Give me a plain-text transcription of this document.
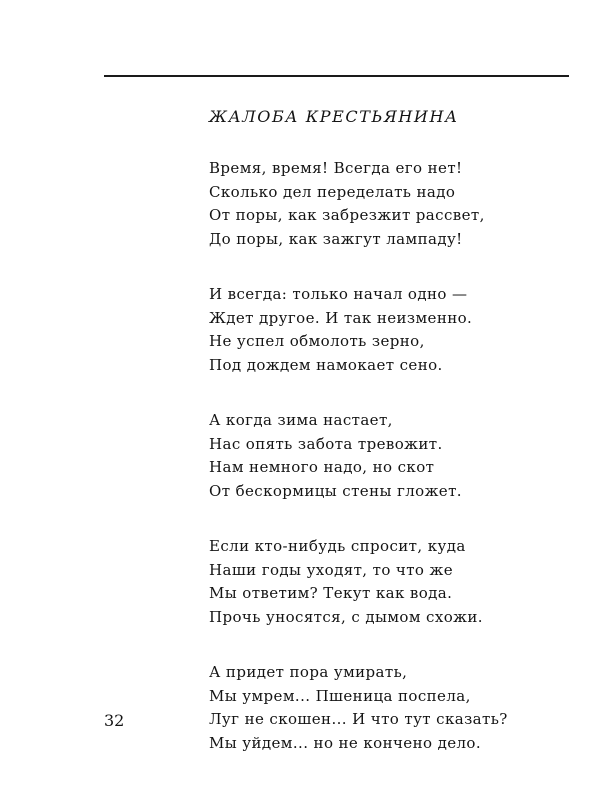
ЖАЛОБА КРЕСТЬЯНИНА
Время, время! Всегда его нет!
Сколько дел переделать надо
От поры, как забрезжит рассвет,
До поры, как зажгут лампаду!
И всегда: только начал одно —
Ждет другое. И так неизменно.
Не успел обмолоть зерно,
Под дождем намокает сено.
А когда зима настает,
Нас опять забота тревожит.
Нам немного надо, но скот
От бескормицы стены гложет.
Если кто-нибудь спросит, куда
Наши годы уходят, то что же
Мы ответим? Текут как вода.
Прочь уносятся, с дымом схожи.
А придет пора умирать,
Мы умрем... Пшеница поспела,
Луг не скошен... И что тут сказать?
Мы уйдем... но не кончено дело.
32
